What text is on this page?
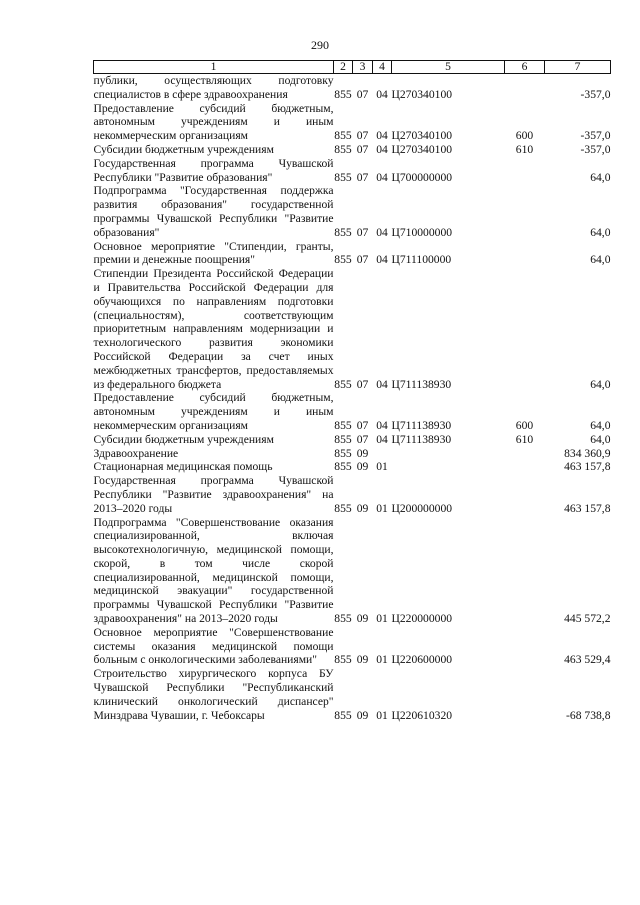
290
1	2	3	4	5	6	7
публики, осуществляющих подготовку специалистов в сфере здравоохранения	855	07	04	Ц270340100		-357,0
Предоставление субсидий бюджетным, автономным учреждениям и иным некоммерческим организациям	855	07	04	Ц270340100	600	-357,0
Субсидии бюджетным учреждениям	855	07	04	Ц270340100	610	-357,0
Государственная программа Чувашской Республики "Развитие образования"	855	07	04	Ц700000000		64,0
Подпрограмма "Государственная поддержка развития образования" государственной программы Чувашской Республики "Развитие образования"	855	07	04	Ц710000000		64,0
Основное мероприятие "Стипендии, гранты, премии и денежные поощрения"	855	07	04	Ц711100000		64,0
Стипендии Президента Российской Федерации и Правительства Российской Федерации для обучающихся по направлениям подготовки (специальностям), соответствующим приоритетным направлениям модернизации и технологического развития экономики Российской Федерации за счет иных межбюджетных трансфертов, предоставляемых из федерального бюджета	855	07	04	Ц711138930		64,0
Предоставление субсидий бюджетным, автономным учреждениям и иным некоммерческим организациям	855	07	04	Ц711138930	600	64,0
Субсидии бюджетным учреждениям	855	07	04	Ц711138930	610	64,0
Здравоохранение	855	09				834 360,9
Стационарная медицинская помощь	855	09	01			463 157,8
Государственная программа Чувашской Республики "Развитие здравоохранения" на 2013–2020 годы	855	09	01	Ц200000000		463 157,8
Подпрограмма "Совершенствование оказания специализированной, включая высокотехнологичную, медицинской помощи, скорой, в том числе скорой специализированной, медицинской помощи, медицинской эвакуации" государственной программы Чувашской Республики "Развитие здравоохранения" на 2013–2020 годы	855	09	01	Ц220000000		445 572,2
Основное мероприятие "Совершенствование системы оказания медицинской помощи больным с онкологическими заболеваниями"	855	09	01	Ц220600000		463 529,4
Строительство хирургического корпуса БУ Чувашской Республики "Республиканский клинический онкологический диспансер" Минздрава Чувашии, г. Чебоксары	855	09	01	Ц220610320		-68 738,8
